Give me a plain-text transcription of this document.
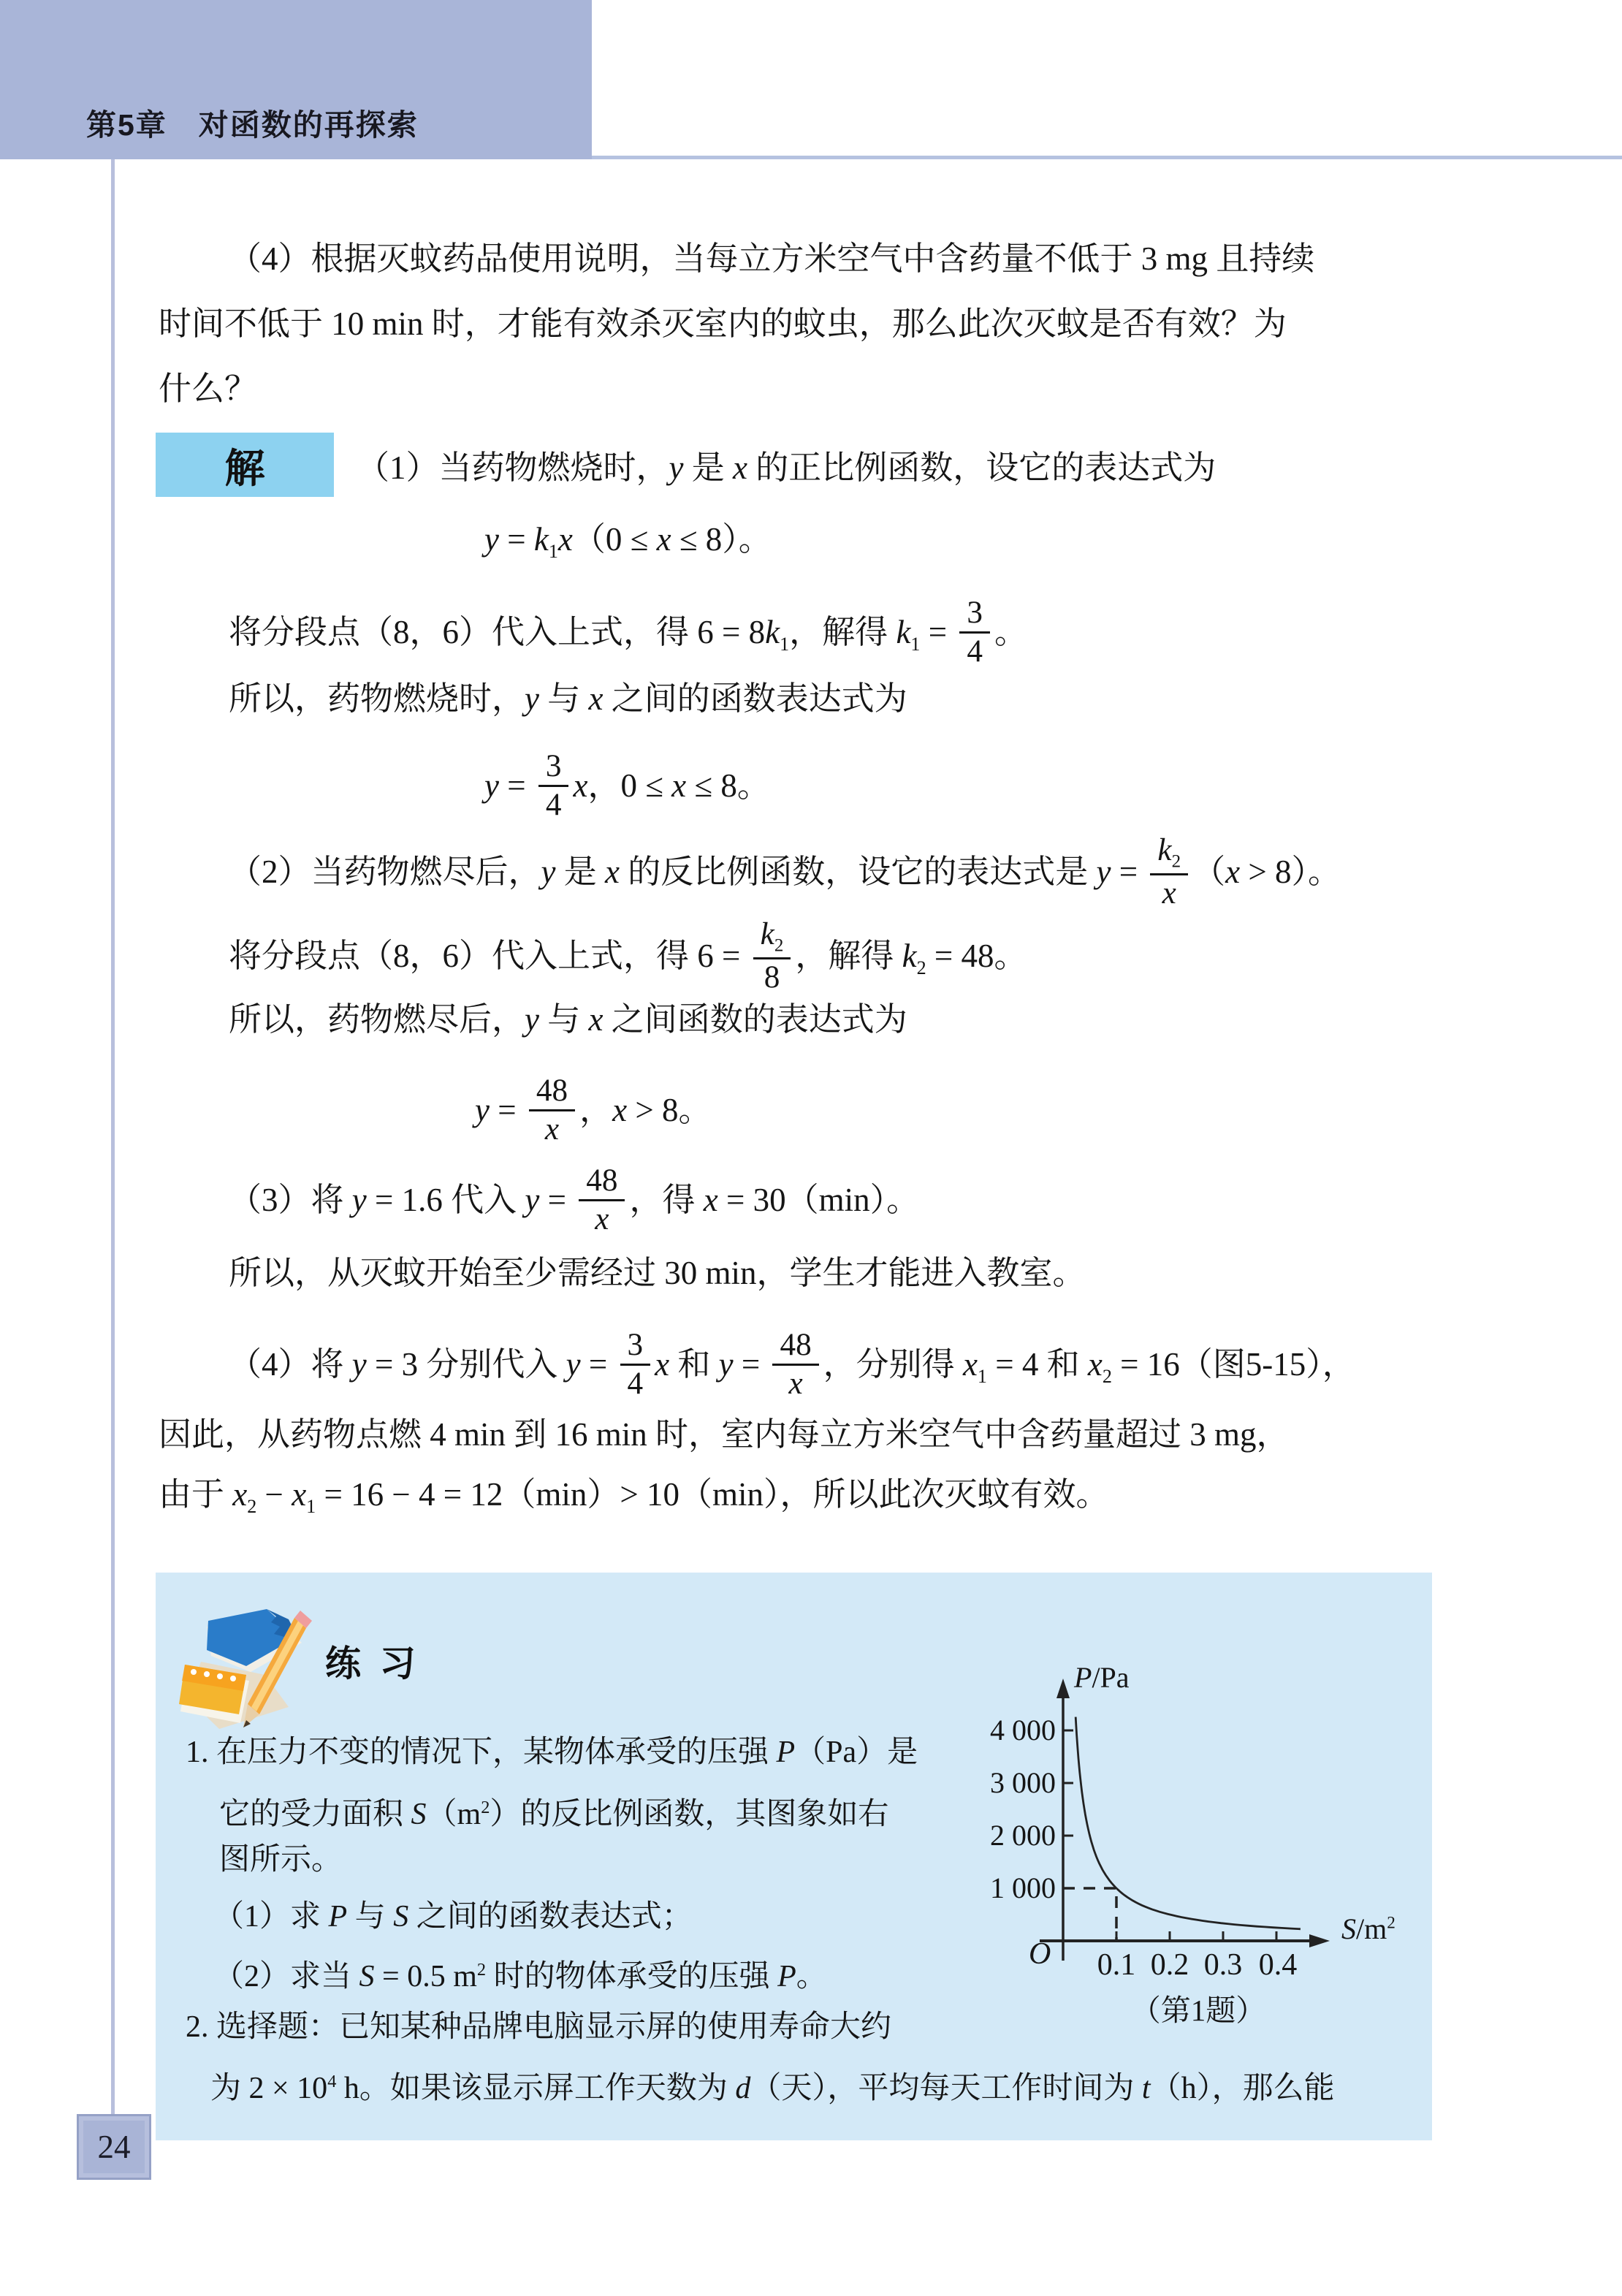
第5章　对函数的再探索
（4）根据灭蚊药品使用说明，当每立方米空气中含药量不低于 3 mg 且持续
时间不低于 10 min 时，才能有效杀灭室内的蚊虫，那么此次灭蚊是否有效？为
什么？
解	（1）当药物燃烧时，y 是 x 的正比例函数，设它的表达式为
$y = k_1x(0 \le x \le 8)$。
将分段点（8，6）代入上式，得 $6 = 8k_1$，解得 $k_1 = \frac{3}{4}$ 。
所以，药物燃烧时，y 与 x 之间的函数表达式为
$y = \frac{3}{4}$ x，0 ≤ x ≤ 8。
（2）当药物燃尽后，y 是 x 的反比例函数，设它的表达式是 $y = \frac{k_2}{x} (x > 8)$。
将分段点（8，6）代入上式，得 $6 = \frac{k_2}{8}$ ，解得 $k_2 = 48$。
所以，药物燃尽后，y 与 x 之间函数的表达式为
$y = \frac{48}{x}$ ，x > 8。
（3）将 y = 1.6 代入 $y = \frac{48}{x}$ ，得 x = 30（min）。
所以，从灭蚊开始至少需经过 30 min，学生才能进入教室。
（4）将 y = 3 分别代入 $y = \frac{3}{4}$ x 和 $y = \frac{48}{x}$ ，分别得 $x_1 = 4$ 和 $x_2 = 16$（图5-15），
因此，从药物点燃 4 min 到 16 min 时，室内每立方米空气中含药量超过 3 mg，
由于 $x_2 - x_1 = 16 - 4 = 12(\min)> 10(\min)$，所以此次灭蚊有效。
练 习
1. 在压力不变的情况下，某物体承受的压强 P（Pa）是
它的受力面积 $S(m^2)$的反比例函数，其图象如右
图所示。
（1）求 P 与 S 之间的函数表达式；
（2）求当 S = 0.5 $m^2$ 时的物体承受的压强 P。
2. 选择题：已知某种品牌电脑显示屏的使用寿命大约
为 $2 \times 10^4$ h。如果该显示屏工作天数为 d（天），平均每天工作时间为 t（h），那么能
P/Pa
4 000
3 000
2 000
1 000
O	0.1 0.2 0.3 0.4
$S/m^2$
（第1题）
24
